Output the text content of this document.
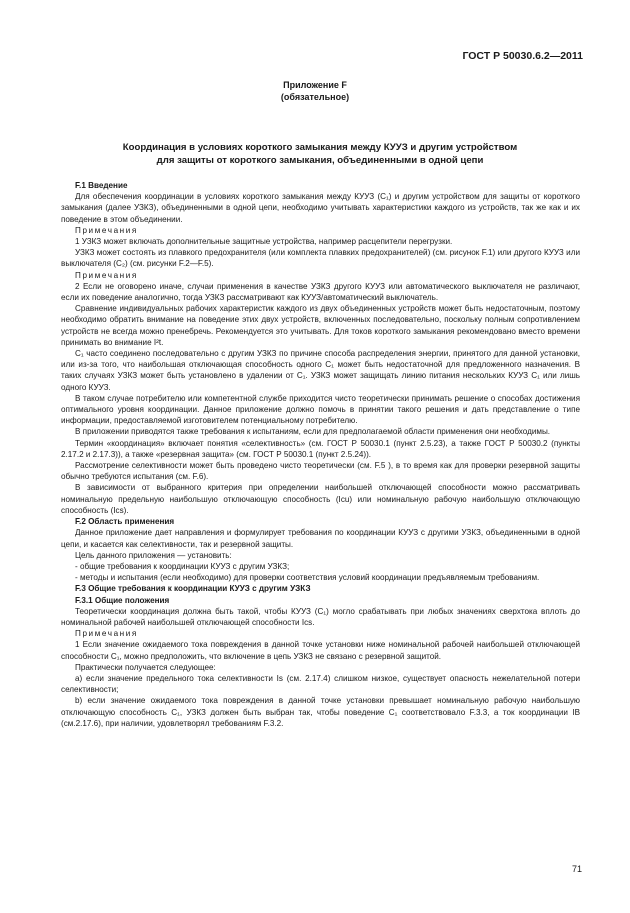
ГОСТ Р 50030.6.2—2011
Приложение F
(обязательное)
Координация в условиях короткого замыкания между КУУЗ и другим устройством
для защиты от короткого замыкания, объединенными в одной цепи

F.1 Введение

Для обеспечения координации в условиях короткого замыкания между КУУЗ (C₁) и другим устройством для защиты от короткого замыкания (далее УЗКЗ), объединенными в одной цепи, необходимо учитывать характеристики каждого из устройств, так же как и их поведение в этом объединении.

Примечания

1 УЗКЗ может включать дополнительные защитные устройства, например расцепители перегрузки.

УЗКЗ может состоять из плавкого предохранителя (или комплекта плавких предохранителей) (см. рисунок F.1) или другого КУУЗ или выключателя (C₂) (см. рисунки F.2—F.5).

Примечания

2 Если не оговорено иначе, случаи применения в качестве УЗКЗ другого КУУЗ или автоматического выключателя не различают, если их поведение аналогично, тогда УЗКЗ рассматривают как КУУЗ/автоматический выключатель.

Сравнение индивидуальных рабочих характеристик каждого из двух объединенных устройств может быть недостаточным, поэтому необходимо обратить внимание на поведение этих двух устройств, включенных последовательно, поскольку полным сопротивлением устройств не всегда можно пренебречь. Рекомендуется это учитывать. Для токов короткого замыкания рекомендовано вместо времени принимать во внимание I²t.

C₁ часто соединено последовательно с другим УЗКЗ по причине способа распределения энергии, принятого для данной установки, или из-за того, что наибольшая отключающая способность одного C₁ может быть недостаточной для предложенного назначения. В таких случаях УЗКЗ может быть установлено в удалении от C₁. УЗКЗ может защищать линию питания нескольких КУУЗ C₁ или лишь одного КУУЗ.

В таком случае потребителю или компетентной службе приходится чисто теоретически принимать решение о способах достижения оптимального уровня координации. Данное приложение должно помочь в принятии такого решения и дать представление о типе информации, предоставляемой изготовителем потенциальному потребителю.

В приложении приводятся также требования к испытаниям, если для предполагаемой области применения они необходимы.

Термин «координация» включает понятия «селективность» (см. ГОСТ Р 50030.1 (пункт 2.5.23), а также ГОСТ Р 50030.2 (пункты 2.17.2 и 2.17.3)), а также «резервная защита» (см. ГОСТ Р 50030.1 (пункт 2.5.24)).

Рассмотрение селективности может быть проведено чисто теоретически (см. F.5 ), в то время как для проверки резервной защиты обычно требуются испытания (см. F.6).

В зависимости от выбранного критерия при определении наибольшей отключающей способности можно рассматривать номинальную предельную наибольшую отключающую способность (Icu) или номинальную рабочую наибольшую отключающую способность (Ics).

F.2 Область применения

Данное приложение дает направления и формулирует требования по координации КУУЗ с другими УЗКЗ, объединенными в одной цепи, и касается как селективности, так и резервной защиты.

Цель данного приложения — установить:

- общие требования к координации КУУЗ с другим УЗКЗ;

- методы и испытания (если необходимо) для проверки соответствия условий координации предъявляемым требованиям.

F.3 Общие требования к координации КУУЗ с другим УЗКЗ

F.3.1 Общие положения

Теоретически координация должна быть такой, чтобы КУУЗ (C₁) могло срабатывать при любых значениях сверхтока вплоть до номинальной рабочей наибольшей отключающей способности Ics.

Примечания

1 Если значение ожидаемого тока повреждения в данной точке установки ниже номинальной рабочей наибольшей отключающей способности C₁, можно предположить, что включение в цепь УЗКЗ не связано с резервной защитой.

Практически получается следующее:

а) если значение предельного тока селективности Is (см. 2.17.4) слишком низкое, существует опасность нежелательной потери селективности;

b) если значение ожидаемого тока повреждения в данной точке установки превышает номинальную рабочую наибольшую отключающую способность C₁, УЗКЗ должен быть выбран так, чтобы поведение C₁ соответствовало F.3.3, а ток координации IB (см.2.17.6), при наличии, удовлетворял требованиям F.3.2.

71
